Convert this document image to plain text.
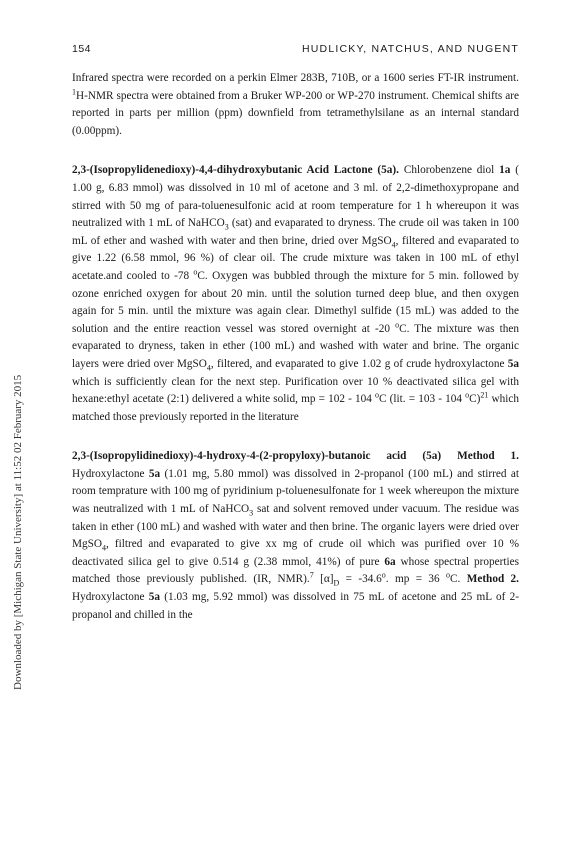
154	HUDLICKY, NATCHUS, AND NUGENT
Downloaded by [Michigan State University] at 11:52 02 February 2015

Infrared spectra were recorded on a perkin Elmer 283B, 710B, or a 1600 series FT-IR instrument. $^1$H-NMR spectra were obtained from a Bruker WP-200 or WP-270 instrument. Chemical shifts are reported in parts per million (ppm) downfield from tetramethylsilane as an internal standard (0.00ppm).

2,3-(Isopropylidenedioxy)-4,4-dihydroxybutanic Acid Lactone (5a). Chlorobenzene diol 1a ( 1.00 g, 6.83 mmol) was dissolved in 10 ml of acetone and 3 ml. of 2,2-dimethoxypropane and stirred with 50 mg of para-toluenesulfonic acid at room temperature for 1 h whereupon it was neutralized with 1 mL of NaHCO$_3$ (sat) and evaparated to dryness. The crude oil was taken in 100 mL of ether and washed with water and then brine, dried over MgSO$_4$, filtered and evaparated to give 1.22 (6.58 mmol, 96 %) of clear oil. The crude mixture was taken in 100 mL of ethyl acetate.and cooled to -78 $^o$C. Oxygen was bubbled through the mixture for 5 min. followed by ozone enriched oxygen for about 20 min. until the solution turned deep blue, and then oxygen again for 5 min. until the mixture was again clear. Dimethyl sulfide (15 mL) was added to the solution and the entire reaction vessel was stored overnight at -20 $^o$C. The mixture was then evaparated to dryness, taken in ether (100 mL) and washed with water and brine. The organic layers were dried over MgSO$_4$, filtered, and evaparated to give 1.02 g of crude hydroxylactone 5a which is sufficiently clean for the next step. Purification over 10 % deactivated silica gel with hexane:ethyl acetate (2:1) delivered a white solid, mp = 102 - 104 $^o$C (lit. = 103 - 104 $^o$C)$^{21}$ which matched those previously reported in the literature

2,3-(Isopropylidinedioxy)-4-hydroxy-4-(2-propyloxy)-butanoic acid (5a) Method 1. Hydroxylactone 5a (1.01 mg, 5.80 mmol) was dissolved in 2-propanol (100 mL) and stirred at room temprature with 100 mg of pyridinium p-toluenesulfonate for 1 week whereupon the mixture was neutralized with 1 mL of NaHCO$_3$ sat and solvent removed under vacuum. The residue was taken in ether (100 mL) and washed with water and then brine. The organic layers were dried over MgSO$_4$, filtred and evaparated to give xx mg of crude oil which was purified over 10 % deactivated silica gel to give 0.514 g (2.38 mmol, 41%) of pure 6a whose spectral properties matched those previously published. (IR, NMR).$^7$ $[\alpha]_D = -34.6^o$. mp = 36 $^o$C. Method 2. Hydroxylactone 5a (1.03 mg, 5.92 mmol) was dissolved in 75 mL of acetone and 25 mL of 2-propanol and chilled in the
